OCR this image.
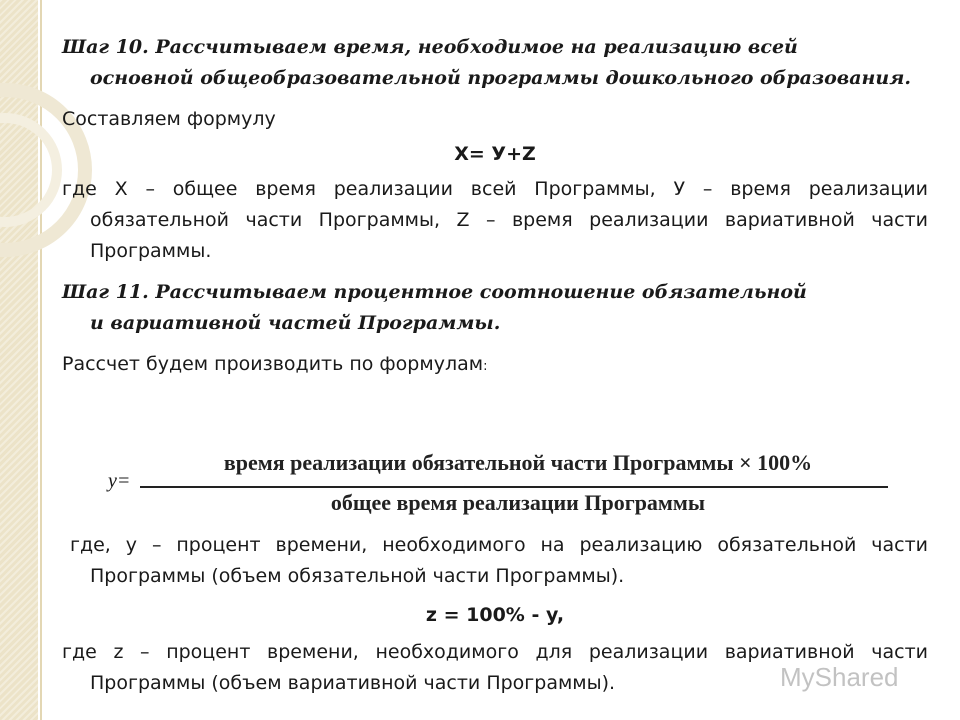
Шаг 10. Рассчитываем время, необходимое на реализацию всей

основной общеобразовательной программы дошкольного образования.

Составляем формулу

X= У+Z

где X – общее время реализации всей Программы, У – время реализации обязательной части Программы, Z – время реализации вариативной части Программы.

Шаг 11. Рассчитываем процентное соотношение обязательной

и вариативной частей Программы.

Рассчет будем производить по формулам:

y=
время реализации обязательной части Программы × 100%
общее время реализации Программы

где, у – процент времени, необходимого на реализацию обязательной части Программы (объем обязательной части Программы).

z = 100% - y,

где z – процент времени, необходимого для реализации вариативной части Программы (объем вариативной части Программы).	MyShared
